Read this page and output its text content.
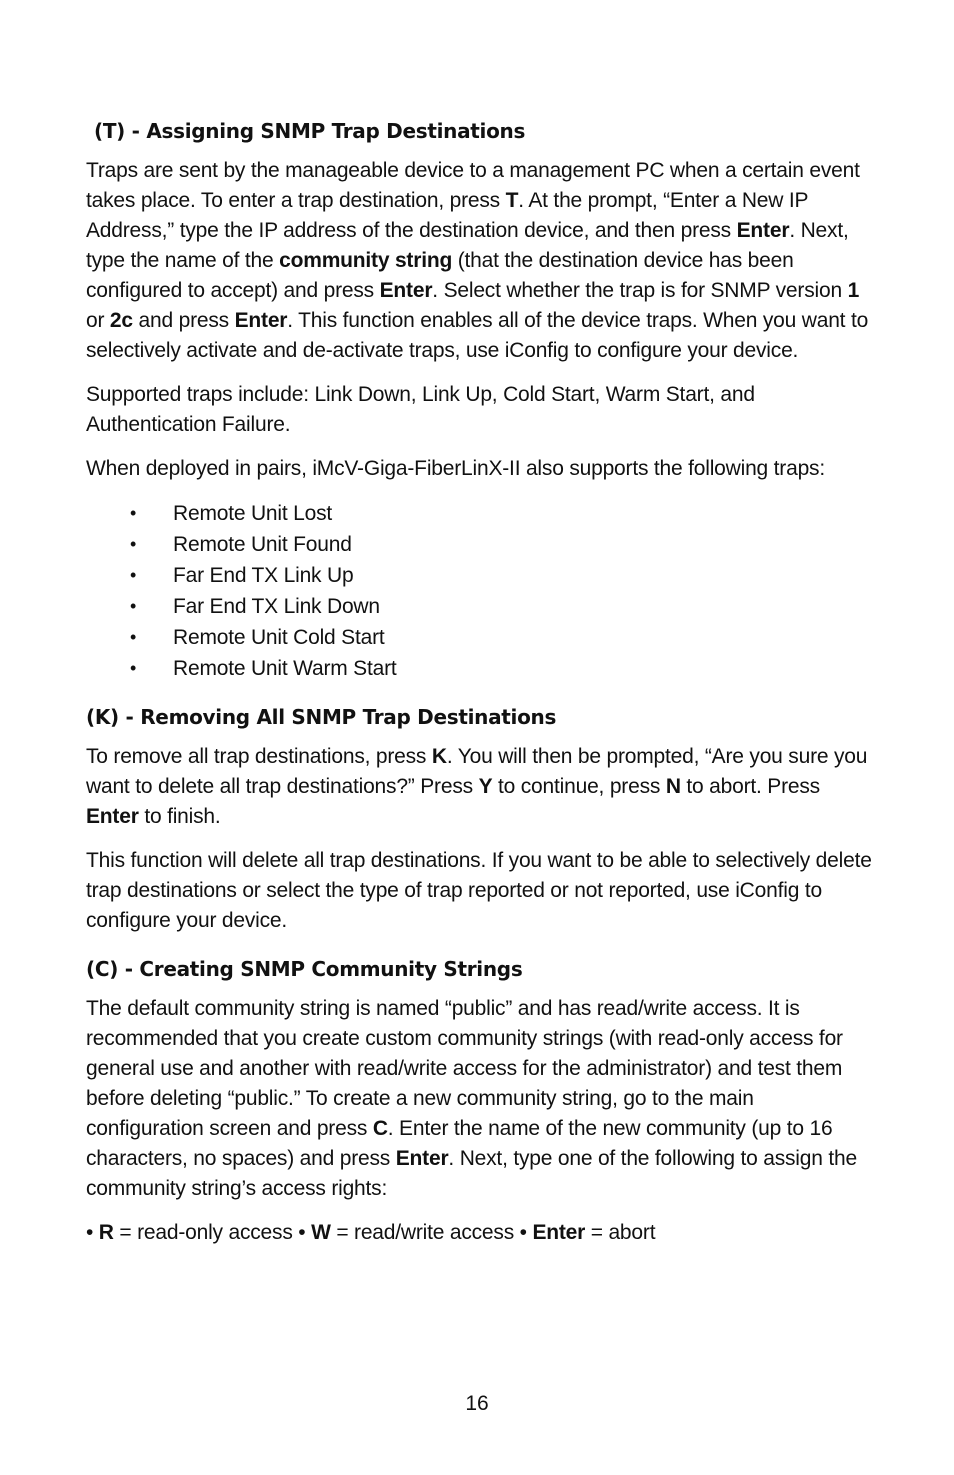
(T) - Assigning SNMP Trap Destinations

Traps are sent by the manageable device to a management PC when a certain event takes place. To enter a trap destination, press T. At the prompt, “Enter a New IP Address,” type the IP address of the destination device, and then press Enter. Next, type the name of the community string (that the destination device has been configured to accept) and press Enter. Select whether the trap is for SNMP version 1 or 2c and press Enter. This function enables all of the device traps. When you want to selectively activate and de-activate traps, use iConfig to configure your device.

Supported traps include: Link Down, Link Up, Cold Start, Warm Start, and Authentication Failure.

When deployed in pairs, iMcV-Giga-FiberLinX-II also supports the following traps:

• Remote Unit Lost
• Remote Unit Found
• Far End TX Link Up
• Far End TX Link Down
• Remote Unit Cold Start
• Remote Unit Warm Start
(K) - Removing All SNMP Trap Destinations

To remove all trap destinations, press K. You will then be prompted, “Are you sure you want to delete all trap destinations?” Press Y to continue, press N to abort. Press Enter to finish.

This function will delete all trap destinations. If you want to be able to selectively delete trap destinations or select the type of trap reported or not reported, use iConfig to configure your device.

(C) - Creating SNMP Community Strings

The default community string is named “public” and has read/write access. It is recommended that you create custom community strings (with read-only access for general use and another with read/write access for the administrator) and test them before deleting “public.” To create a new community string, go to the main configuration screen and press C. Enter the name of the new community (up to 16 characters, no spaces) and press Enter. Next, type one of the following to assign the community string’s access rights:

• R = read-only access • W = read/write access • Enter = abort

16
